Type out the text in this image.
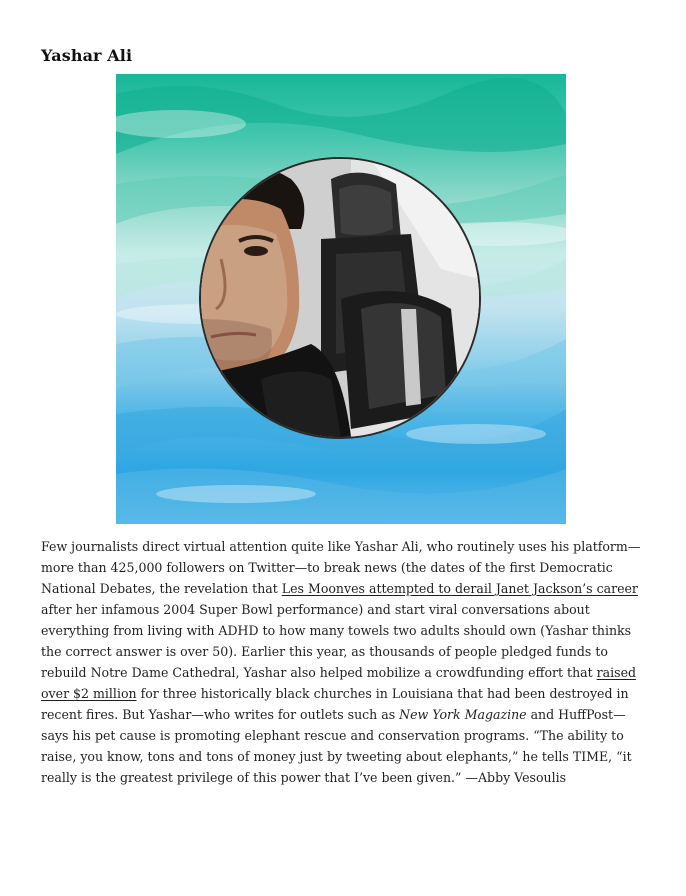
Yashar Ali

Few journalists direct virtual attention quite like Yashar Ali, who routinely uses his platform—more than 425,000 followers on Twitter—to break news (the dates of the first Democratic National Debates, the revelation that Les Moonves attempted to derail Janet Jackson’s career after her infamous 2004 Super Bowl performance) and start viral conversations about everything from living with ADHD to how many towels two adults should own (Yashar thinks the correct answer is over 50). Earlier this year, as thousands of people pledged funds to rebuild Notre Dame Cathedral, Yashar also helped mobilize a crowdfunding effort that raised over $2 million for three historically black churches in Louisiana that had been destroyed in recent fires. But Yashar—who writes for outlets such as New York Magazine and HuffPost—says his pet cause is promoting elephant rescue and conservation programs. “The ability to raise, you know, tons and tons of money just by tweeting about elephants,” he tells TIME, “it really is the greatest privilege of this power that I’ve been given.” —Abby Vesoulis
